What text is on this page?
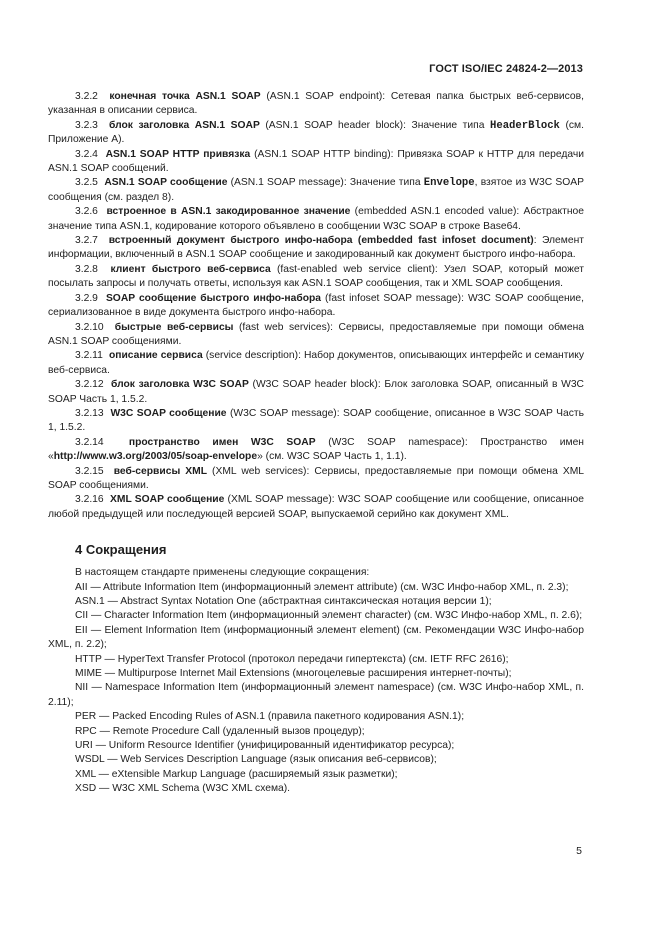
ГОСТ ISO/IEC 24824-2—2013

3.2.2 конечная точка ASN.1 SOAP (ASN.1 SOAP endpoint): Сетевая папка быстрых веб-сервисов, указанная в описании сервиса.

3.2.3 блок заголовка ASN.1 SOAP (ASN.1 SOAP header block): Значение типа HeaderBlock (см. Приложение А).

3.2.4 ASN.1 SOAP HTTP привязка (ASN.1 SOAP HTTP binding): Привязка SOAP к HTTP для передачи ASN.1 SOAP сообщений.

3.2.5 ASN.1 SOAP сообщение (ASN.1 SOAP message): Значение типа Envelope, взятое из W3C SOAP сообщения (см. раздел 8).

3.2.6 встроенное в ASN.1 закодированное значение (embedded ASN.1 encoded value): Абстрактное значение типа ASN.1, кодирование которого объявлено в сообщении W3C SOAP в строке Base64.

3.2.7 встроенный документ быстрого инфо-набора (embedded fast infoset document): Элемент информации, включенный в ASN.1 SOAP сообщение и закодированный как документ быстрого инфо-набора.

3.2.8 клиент быстрого веб-сервиса (fast-enabled web service client): Узел SOAP, который может посылать запросы и получать ответы, используя как ASN.1 SOAP сообщения, так и XML SOAP сообщения.

3.2.9 SOAP сообщение быстрого инфо-набора (fast infoset SOAP message): W3C SOAP сообщение, сериализованное в виде документа быстрого инфо-набора.

3.2.10 быстрые веб-сервисы (fast web services): Сервисы, предоставляемые при помощи обмена ASN.1 SOAP сообщениями.

3.2.11 описание сервиса (service description): Набор документов, описывающих интерфейс и семантику веб-сервиса.

3.2.12 блок заголовка W3C SOAP (W3C SOAP header block): Блок заголовка SOAP, описанный в W3C SOAP Часть 1, 1.5.2.

3.2.13 W3C SOAP сообщение (W3C SOAP message): SOAP сообщение, описанное в W3C SOAP Часть 1, 1.5.2.

3.2.14 пространство имен W3C SOAP (W3C SOAP namespace): Пространство имен «http://www.w3.org/2003/05/soap-envelope» (см. W3C SOAP Часть 1, 1.1).

3.2.15 веб-сервисы XML (XML web services): Сервисы, предоставляемые при помощи обмена XML SOAP сообщениями.

3.2.16 XML SOAP сообщение (XML SOAP message): W3C SOAP сообщение или сообщение, описанное любой предыдущей или последующей версией SOAP, выпускаемой серийно как документ XML.

4 Сокращения

В настоящем стандарте применены следующие сокращения:

AII — Attribute Information Item (информационный элемент attribute) (см. W3C Инфо-набор XML, п. 2.3);

ASN.1 — Abstract Syntax Notation One (абстрактная синтаксическая нотация версии 1);

CII — Character Information Item (информационный элемент character) (см. W3C Инфо-набор XML, п. 2.6);

EII — Element Information Item (информационный элемент element) (см. Рекомендации W3C Инфо-набор XML, п. 2.2);

HTTP — HyperText Transfer Protocol (протокол передачи гипертекста) (см. IETF RFC 2616);

MIME — Multipurpose Internet Mail Extensions (многоцелевые расширения интернет-почты);

NII — Namespace Information Item (информационный элемент namespace) (см. W3C Инфо-набор XML, п. 2.11);

PER — Packed Encoding Rules of ASN.1 (правила пакетного кодирования ASN.1);

RPC — Remote Procedure Call (удаленный вызов процедур);

URI — Uniform Resource Identifier (унифицированный идентификатор ресурса);

WSDL — Web Services Description Language (язык описания веб-сервисов);

XML — eXtensible Markup Language (расширяемый язык разметки);

XSD — W3C XML Schema (W3C XML схема).

5
